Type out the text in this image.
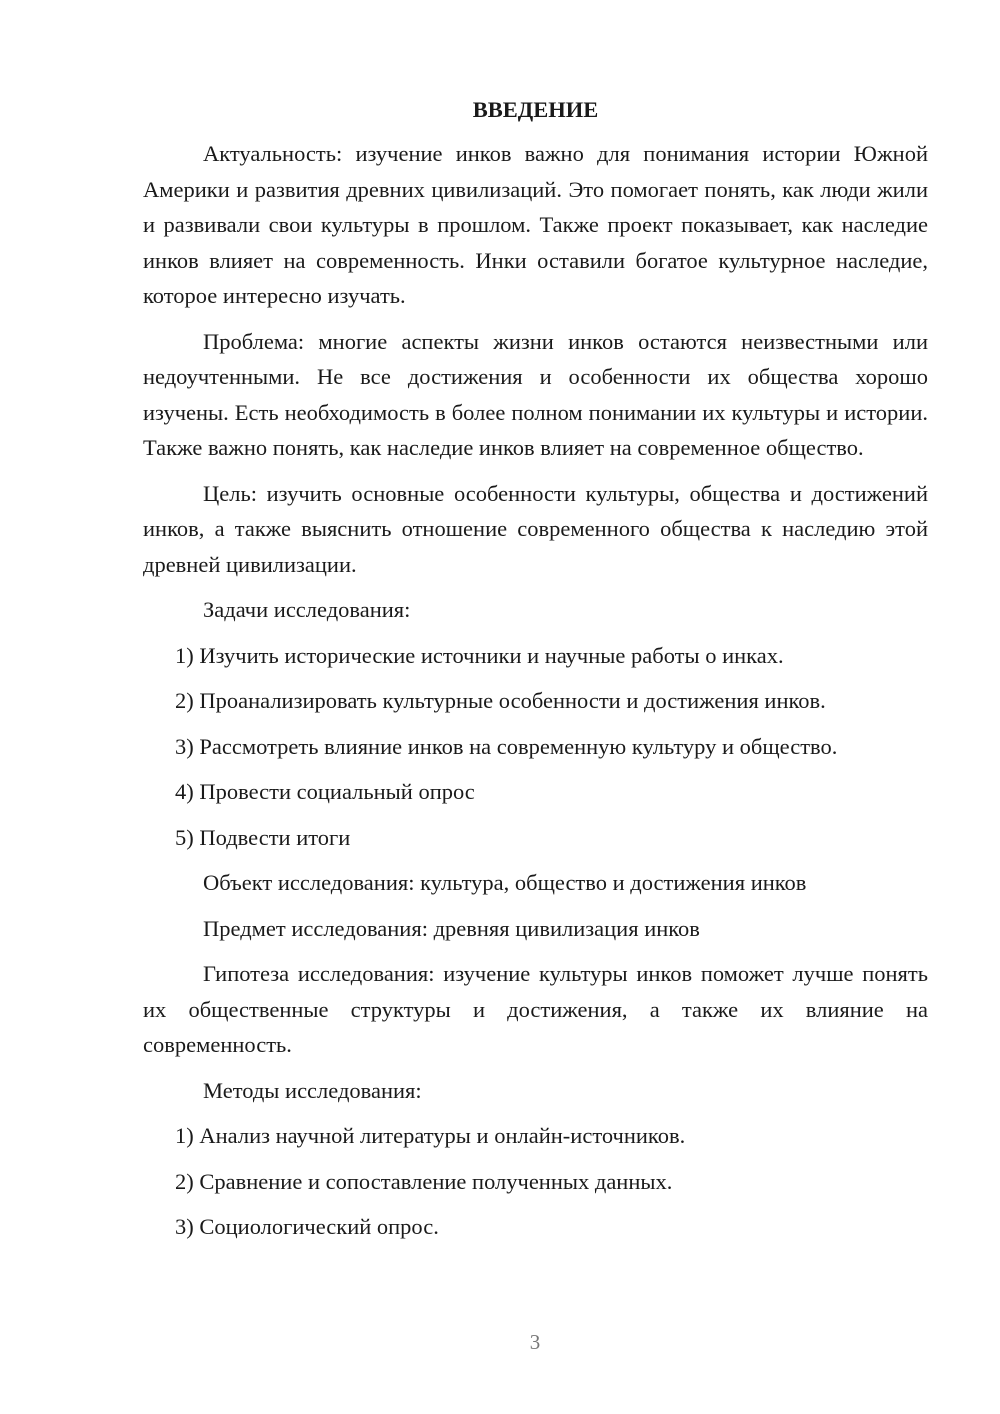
ВВЕДЕНИЕ

Актуальность: изучение инков важно для понимания истории Южной Америки и развития древних цивилизаций. Это помогает понять, как люди жили и развивали свои культуры в прошлом. Также проект показывает, как наследие инков влияет на современность. Инки оставили богатое культурное наследие, которое интересно изучать.

Проблема: многие аспекты жизни инков остаются неизвестными или недоучтенными. Не все достижения и особенности их общества хорошо изучены. Есть необходимость в более полном понимании их культуры и истории. Также важно понять, как наследие инков влияет на современное общество.

Цель: изучить основные особенности культуры, общества и достижений инков, а также выяснить отношение современного общества к наследию этой древней цивилизации.

Задачи исследования:

1) Изучить исторические источники и научные работы о инках.

2) Проанализировать культурные особенности и достижения инков.

3) Рассмотреть влияние инков на современную культуру и общество.

4) Провести социальный опрос

5) Подвести итоги

Объект исследования: культура, общество и достижения инков

Предмет исследования: древняя цивилизация инков

Гипотеза исследования: изучение культуры инков поможет лучше понять их общественные структуры и достижения, а также их влияние на современность.

Методы исследования:

1) Анализ научной литературы и онлайн-источников.

2) Сравнение и сопоставление полученных данных.

3) Социологический опрос.

3
